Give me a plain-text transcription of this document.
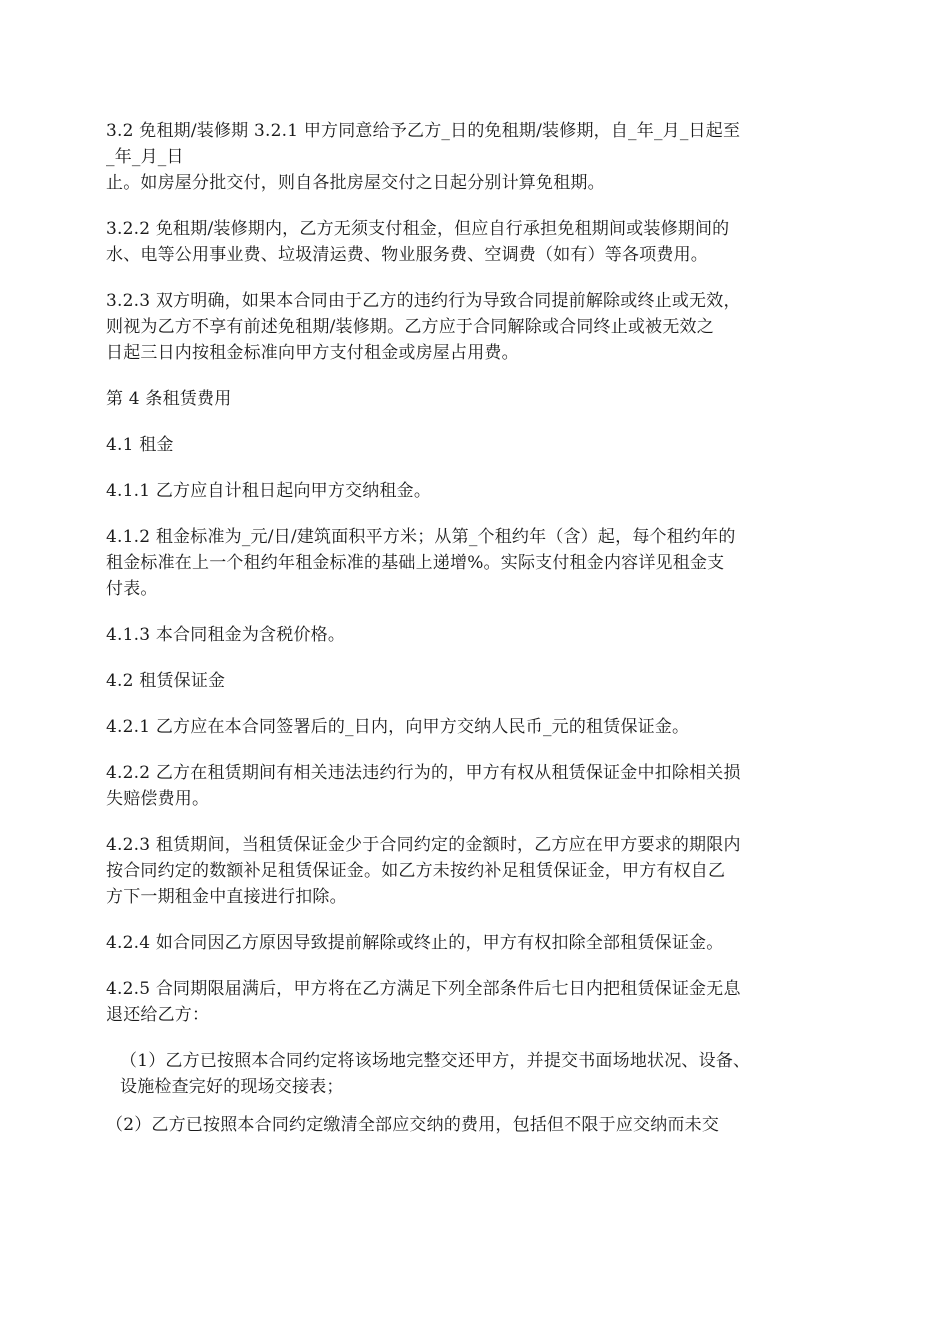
3.2 免租期/装修期 3.2.1 甲方同意给予乙方_日的免租期/装修期，自_年_月_日起至
_年_月_日
止。如房屋分批交付，则自各批房屋交付之日起分别计算免租期。
3.2.2 免租期/装修期内，乙方无须支付租金，但应自行承担免租期间或装修期间的
水、电等公用事业费、垃圾清运费、物业服务费、空调费（如有）等各项费用。
3.2.3 双方明确，如果本合同由于乙方的违约行为导致合同提前解除或终止或无效，
则视为乙方不享有前述免租期/装修期。乙方应于合同解除或合同终止或被无效之
日起三日内按租金标准向甲方支付租金或房屋占用费。
第 4 条租赁费用
4.1 租金
4.1.1 乙方应自计租日起向甲方交纳租金。
4.1.2 租金标准为_元/日/建筑面积平方米；从第_个租约年（含）起，每个租约年的
租金标准在上一个租约年租金标准的基础上递增%。实际支付租金内容详见租金支
付表。
4.1.3 本合同租金为含税价格。
4.2 租赁保证金
4.2.1 乙方应在本合同签署后的_日内，向甲方交纳人民币_元的租赁保证金。
4.2.2 乙方在租赁期间有相关违法违约行为的，甲方有权从租赁保证金中扣除相关损
失赔偿费用。
4.2.3 租赁期间，当租赁保证金少于合同约定的金额时，乙方应在甲方要求的期限内
按合同约定的数额补足租赁保证金。如乙方未按约补足租赁保证金，甲方有权自乙
方下一期租金中直接进行扣除。
4.2.4 如合同因乙方原因导致提前解除或终止的，甲方有权扣除全部租赁保证金。
4.2.5 合同期限届满后，甲方将在乙方满足下列全部条件后七日内把租赁保证金无息
退还给乙方：
（1）乙方已按照本合同约定将该场地完整交还甲方，并提交书面场地状况、设备、
设施检查完好的现场交接表；
（2）乙方已按照本合同约定缴清全部应交纳的费用，包括但不限于应交纳而未交
